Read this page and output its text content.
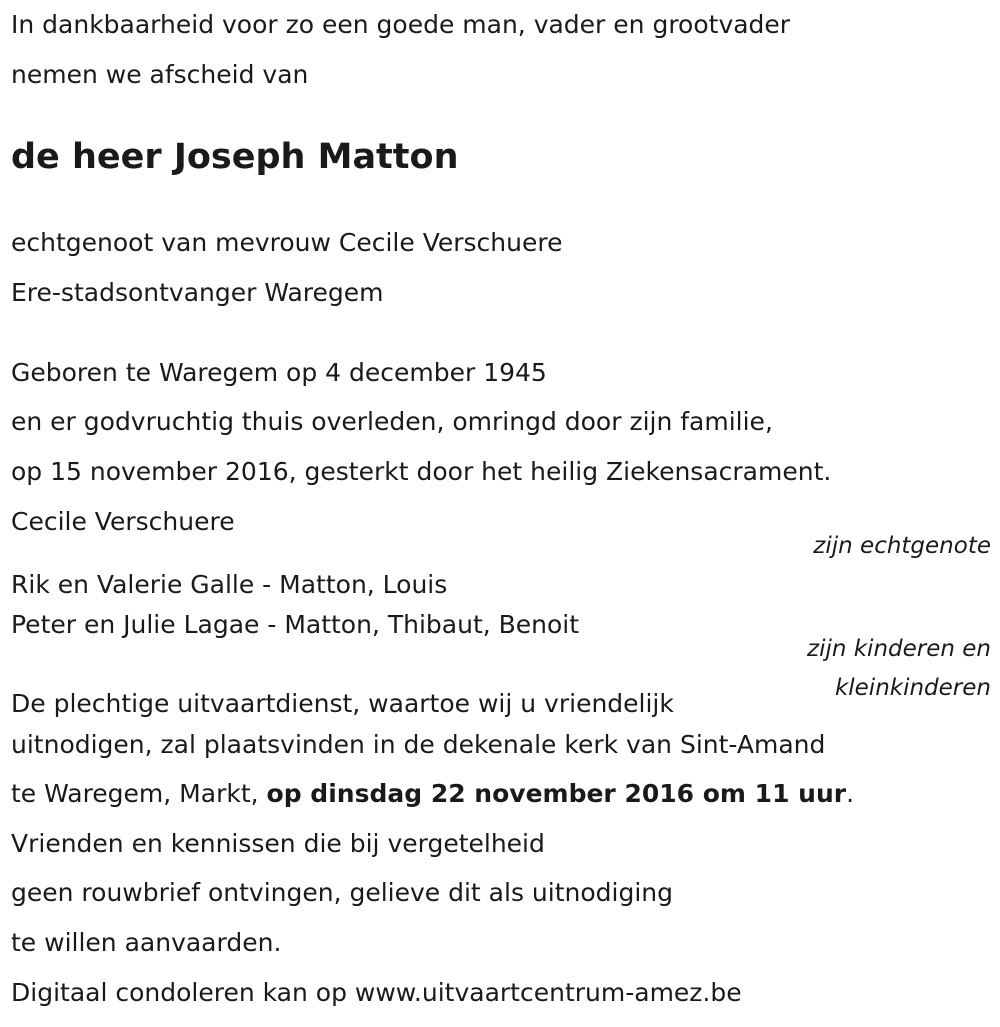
In dankbaarheid voor zo een goede man, vader en grootvader

nemen we afscheid van

de heer Joseph Matton

echtgenoot van mevrouw Cecile Verschuere

Ere-stadsontvanger Waregem

Geboren te Waregem op 4 december 1945

en er godvruchtig thuis overleden, omringd door zijn familie,

op 15 november 2016, gesterkt door het heilig Ziekensacrament.

Cecile Verschuere

zijn echtgenote

Rik en Valerie Galle - Matton, Louis

Peter en Julie Lagae - Matton, Thibaut, Benoit

zijn kinderen en

kleinkinderen

De plechtige uitvaartdienst, waartoe wij u vriendelijk

uitnodigen, zal plaatsvinden in de dekenale kerk van Sint-Amand

te Waregem, Markt, op dinsdag 22 november 2016 om 11 uur.

Vrienden en kennissen die bij vergetelheid

geen rouwbrief ontvingen, gelieve dit als uitnodiging

te willen aanvaarden.

Digitaal condoleren kan op www.uitvaartcentrum-amez.be
